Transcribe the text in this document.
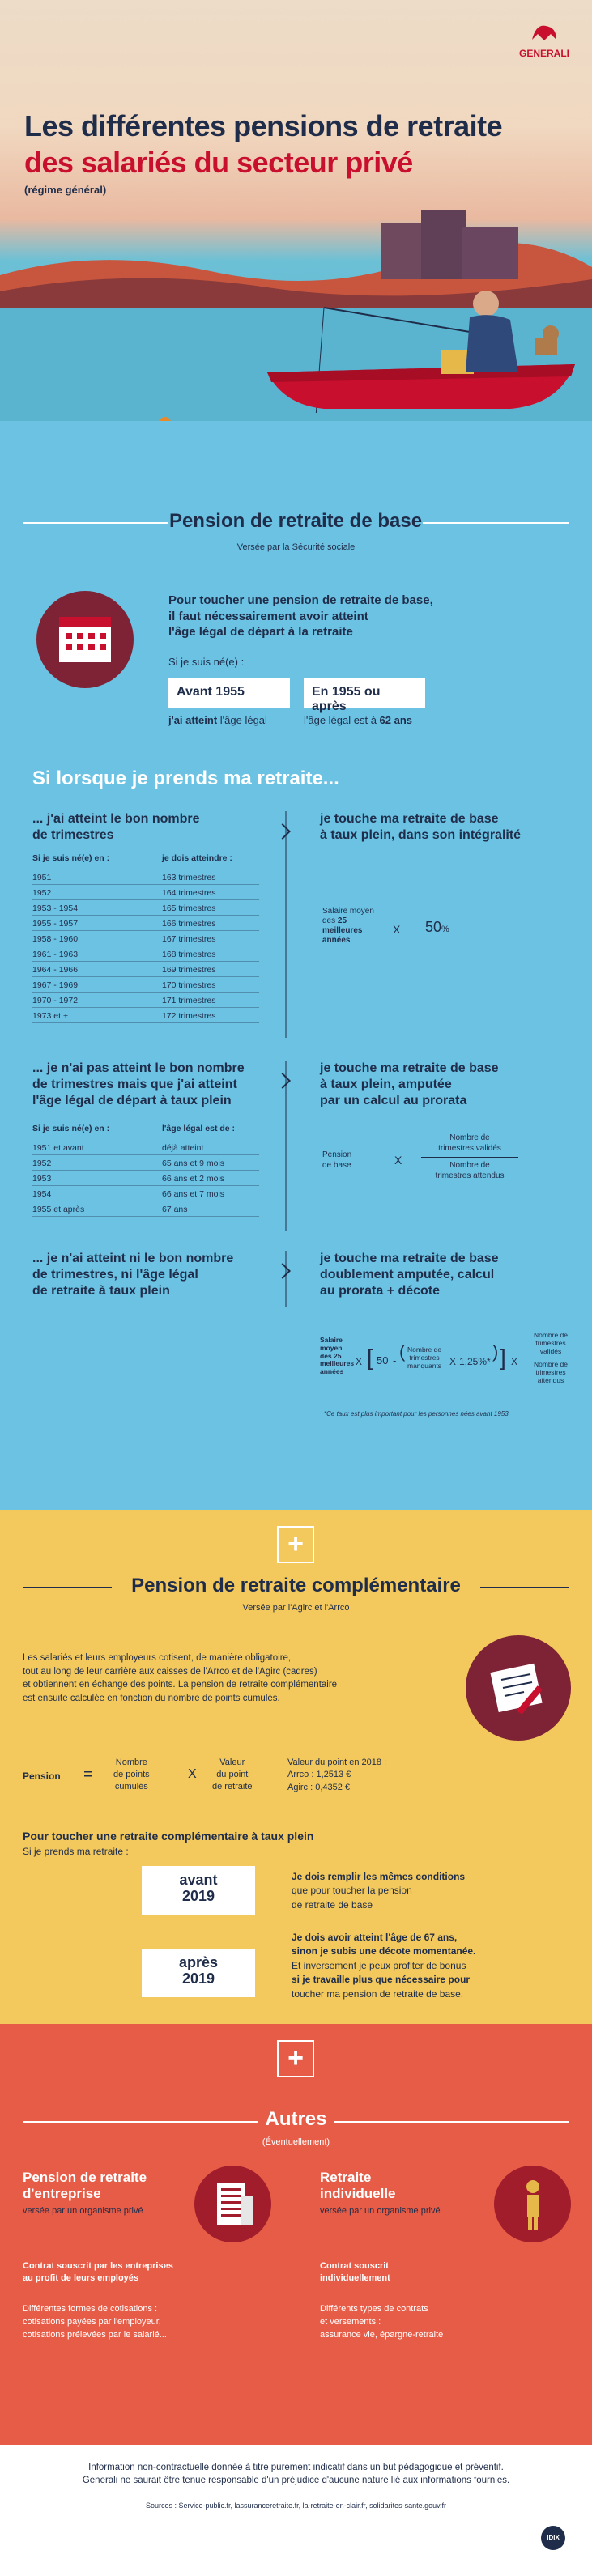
GENERALI
Les différentes pensions de retraite
des salariés du secteur privé
(régime général)
Pension de retraite de base
Versée par la Sécurité sociale
Pour toucher une pension de retraite de base,
il faut nécessairement avoir atteint
l'âge légal de départ à la retraite
Si je suis né(e) :
Avant 1955	En 1955 ou après
j'ai atteint l'âge légal	l'âge légal est à 62 ans
Si lorsque je prends ma retraite...
... j'ai atteint le bon nombre
de trimestres
Si je suis né(e) en :	je dois atteindre :
1951	163 trimestres
1952	164 trimestres
1953 - 1954	165 trimestres
1955 - 1957	166 trimestres
1958 - 1960	167 trimestres
1961 - 1963	168 trimestres
1964 - 1966	169 trimestres
1967 - 1969	170 trimestres
1970 - 1972	171 trimestres
1973 et +	172 trimestres
je touche ma retraite de base
à taux plein, dans son intégralité
Salaire moyen
des 25
meilleures
années
X 50%
... je n'ai pas atteint le bon nombre
de trimestres mais que j'ai atteint
l'âge légal de départ à taux plein
Si je suis né(e) en :	l'âge légal est de :
1951 et avant	déjà atteint
1952	65 ans et 9 mois
1953	66 ans et 2 mois
1954	66 ans et 7 mois
1955 et après	67 ans
je touche ma retraite de base
à taux plein, amputée
par un calcul au prorata
Pension
de base	X
Nombre de
trimestres validés
Nombre de
trimestres attendus
... je n'ai atteint ni le bon nombre
de trimestres, ni l'âge légal
de retraite à taux plein
je touche ma retraite de base
doublement amputée, calcul
au prorata + décote
Salaire
moyen
des 25
meilleures
années
X [ 50 - ( Nombre de
trimestres
manquants X 1,25%* ) ] X
Nombre de
trimestres
validés
Nombre de
trimestres
attendus
*Ce taux est plus important pour les personnes nées avant 1953
+
Pension de retraite complémentaire
Versée par l'Agirc et l'Arrco
Les salariés et leurs employeurs cotisent, de manière obligatoire,
tout au long de leur carrière aux caisses de l'Arrco et de l'Agirc (cadres)
et obtiennent en échange des points. La pension de retraite complémentaire
est ensuite calculée en fonction du nombre de points cumulés.
Pension =
Nombre
de points
cumulés
X
Valeur
du point
de retraite
Valeur du point en 2018 :
Arrco : 1,2513 €
Agirc : 0,4352 €
Pour toucher une retraite complémentaire à taux plein
Si je prends ma retraite :
avant
2019
Je dois remplir les mêmes conditions
que pour toucher la pension
de retraite de base
après
2019
Je dois avoir atteint l'âge de 67 ans,
sinon je subis une décote momentanée.
Et inversement je peux profiter de bonus
si je travaille plus que nécessaire pour
toucher ma pension de retraite de base.
+
Autres
(Éventuellement)
Pension de retraite
d'entreprise
versée par un organisme privé
Contrat souscrit par les entreprises
au profit de leurs employés
Différentes formes de cotisations :
cotisations payées par l'employeur,
cotisations prélevées par le salarié...
Retraite
individuelle
versée par un organisme privé
Contrat souscrit
individuellement
Différents types de contrats
et versements :
assurance vie, épargne-retraite
Information non-contractuelle donnée à titre purement indicatif dans un but pédagogique et préventif.
Generali ne saurait être tenue responsable d'un préjudice d'aucune nature lié aux informations fournies.
Sources : Service-public.fr, lassuranceretraite.fr, la-retraite-en-clair.fr, solidarites-sante.gouv.fr
IDIX
